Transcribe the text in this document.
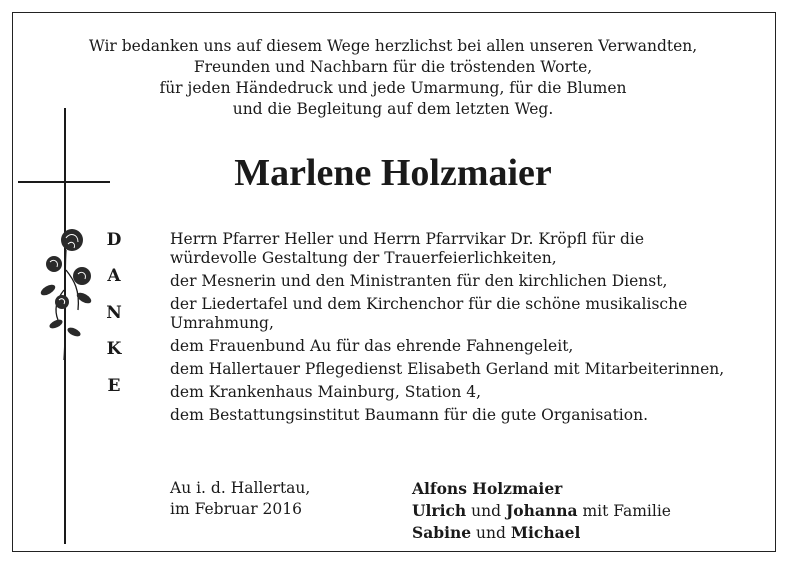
Wir bedanken uns auf diesem Wege herzlichst bei allen unseren Verwandten,
Freunden und Nachbarn für die tröstenden Worte,
für jeden Händedruck und jede Umarmung, für die Blumen
und die Begleitung auf dem letzten Weg.
Marlene Holzmaier
D
A
N
K
E
Herrn Pfarrer Heller und Herrn Pfarrvikar Dr. Kröpfl für die
würdevolle Gestaltung der Trauerfeierlichkeiten,
der Mesnerin und den Ministranten für den kirchlichen Dienst,
der Liedertafel und dem Kirchenchor für die schöne musikalische
Umrahmung,
dem Frauenbund Au für das ehrende Fahnengeleit,
dem Hallertauer Pflegedienst Elisabeth Gerland mit Mitarbeiterinnen,
dem Krankenhaus Mainburg, Station 4,
dem Bestattungsinstitut Baumann für die gute Organisation.
Au i. d. Hallertau,
im Februar 2016
Alfons Holzmaier
Ulrich und Johanna mit Familie
Sabine und Michael
